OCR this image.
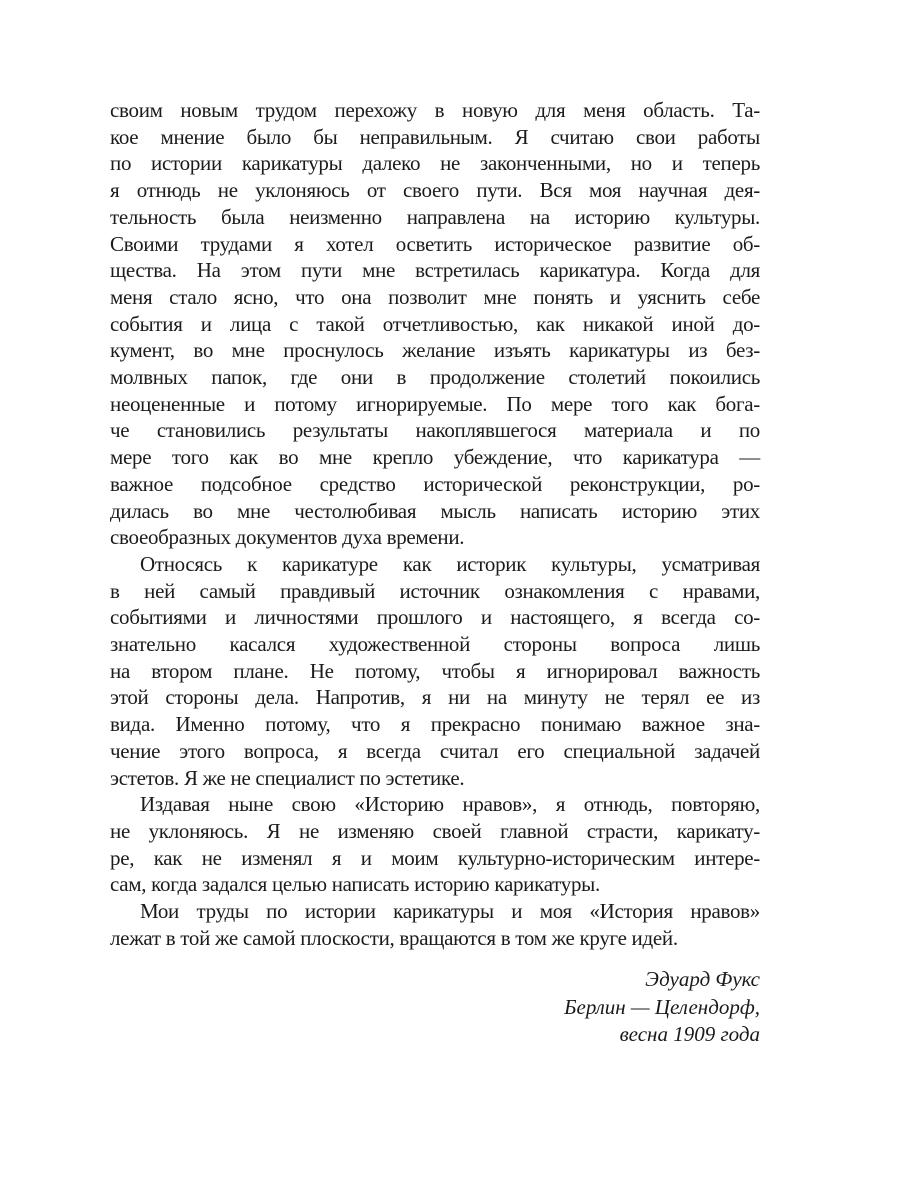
своим новым трудом перехожу в новую для меня область. Та-
кое мнение было бы неправильным. Я считаю свои работы
по истории карикатуры далеко не законченными, но и теперь
я отнюдь не уклоняюсь от своего пути. Вся моя научная дея-
тельность была неизменно направлена на историю культуры.
Своими трудами я хотел осветить историческое развитие об-
щества. На этом пути мне встретилась карикатура. Когда для
меня стало ясно, что она позволит мне понять и уяснить себе
события и лица с такой отчетливостью, как никакой иной до-
кумент, во мне проснулось желание изъять карикатуры из без-
молвных папок, где они в продолжение столетий покоились
неоцененные и потому игнорируемые. По мере того как бога-
че становились результаты накоплявшегося материала и по
мере того как во мне крепло убеждение, что карикатура —
важное подсобное средство исторической реконструкции, ро-
дилась во мне честолюбивая мысль написать историю этих
своеобразных документов духа времени.
Относясь к карикатуре как историк культуры, усматривая
в ней самый правдивый источник ознакомления с нравами,
событиями и личностями прошлого и настоящего, я всегда со-
знательно касался художественной стороны вопроса лишь
на втором плане. Не потому, чтобы я игнорировал важность
этой стороны дела. Напротив, я ни на минуту не терял ее из
вида. Именно потому, что я прекрасно понимаю важное зна-
чение этого вопроса, я всегда считал его специальной задачей
эстетов. Я же не специалист по эстетике.
Издавая ныне свою «Историю нравов», я отнюдь, повторяю,
не уклоняюсь. Я не изменяю своей главной страсти, карикату-
ре, как не изменял я и моим культурно-историческим интере-
сам, когда задался целью написать историю карикатуры.
Мои труды по истории карикатуры и моя «История нравов»
лежат в той же самой плоскости, вращаются в том же круге идей.
Эдуард Фукс
Берлин — Целендорф,
весна 1909 года
